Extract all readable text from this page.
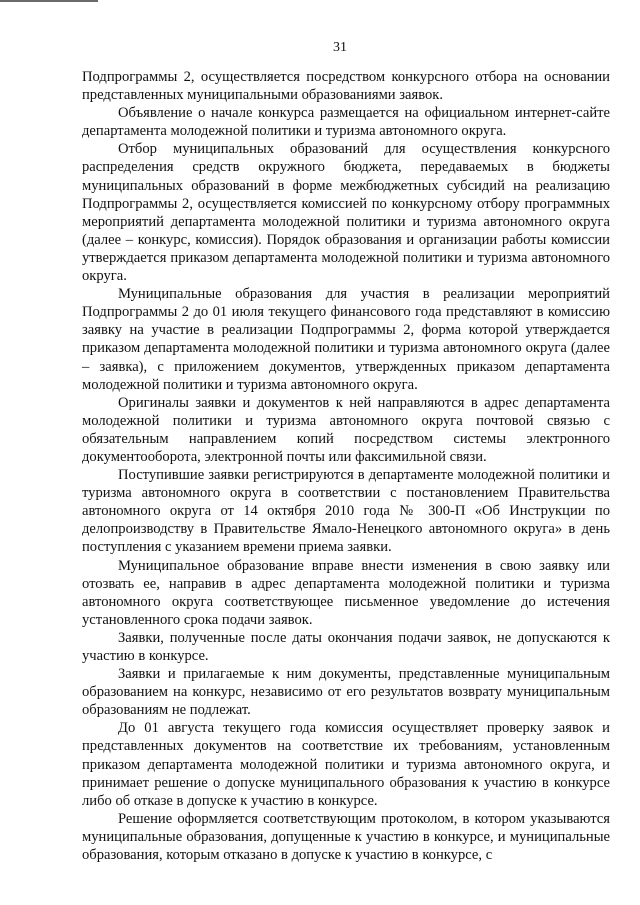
31

Подпрограммы 2, осуществляется посредством конкурсного отбора на основании представленных муниципальными образованиями заявок.

Объявление о начале конкурса размещается на официальном интернет-сайте департамента молодежной политики и туризма автономного округа.

Отбор муниципальных образований для осуществления конкурсного распределения средств окружного бюджета, передаваемых в бюджеты муниципальных образований в форме межбюджетных субсидий на реализацию Подпрограммы 2, осуществляется комиссией по конкурсному отбору программных мероприятий департамента молодежной политики и туризма автономного округа (далее – конкурс, комиссия). Порядок образования и организации работы комиссии утверждается приказом департамента молодежной политики и туризма автономного округа.

Муниципальные образования для участия в реализации мероприятий Подпрограммы 2 до 01 июля текущего финансового года представляют в комиссию заявку на участие в реализации Подпрограммы 2, форма которой утверждается приказом департамента молодежной политики и туризма автономного округа (далее – заявка), с приложением документов, утвержденных приказом департамента молодежной политики и туризма автономного округа.

Оригиналы заявки и документов к ней направляются в адрес департамента молодежной политики и туризма автономного округа почтовой связью с обязательным направлением копий посредством системы электронного документооборота, электронной почты или факсимильной связи.

Поступившие заявки регистрируются в департаменте молодежной политики и туризма автономного округа в соответствии с постановлением Правительства автономного округа от 14 октября 2010 года № 300-П «Об Инструкции по делопроизводству в Правительстве Ямало-Ненецкого автономного округа» в день поступления с указанием времени приема заявки.

Муниципальное образование вправе внести изменения в свою заявку или отозвать ее, направив в адрес департамента молодежной политики и туризма автономного округа соответствующее письменное уведомление до истечения установленного срока подачи заявок.

Заявки, полученные после даты окончания подачи заявок, не допускаются к участию в конкурсе.

Заявки и прилагаемые к ним документы, представленные муниципальным образованием на конкурс, независимо от его результатов возврату муниципальным образованиям не подлежат.

До 01 августа текущего года комиссия осуществляет проверку заявок и представленных документов на соответствие их требованиям, установленным приказом департамента молодежной политики и туризма автономного округа, и принимает решение о допуске муниципального образования к участию в конкурсе либо об отказе в допуске к участию в конкурсе.

Решение оформляется соответствующим протоколом, в котором указываются муниципальные образования, допущенные к участию в конкурсе, и муниципальные образования, которым отказано в допуске к участию в конкурсе, с
